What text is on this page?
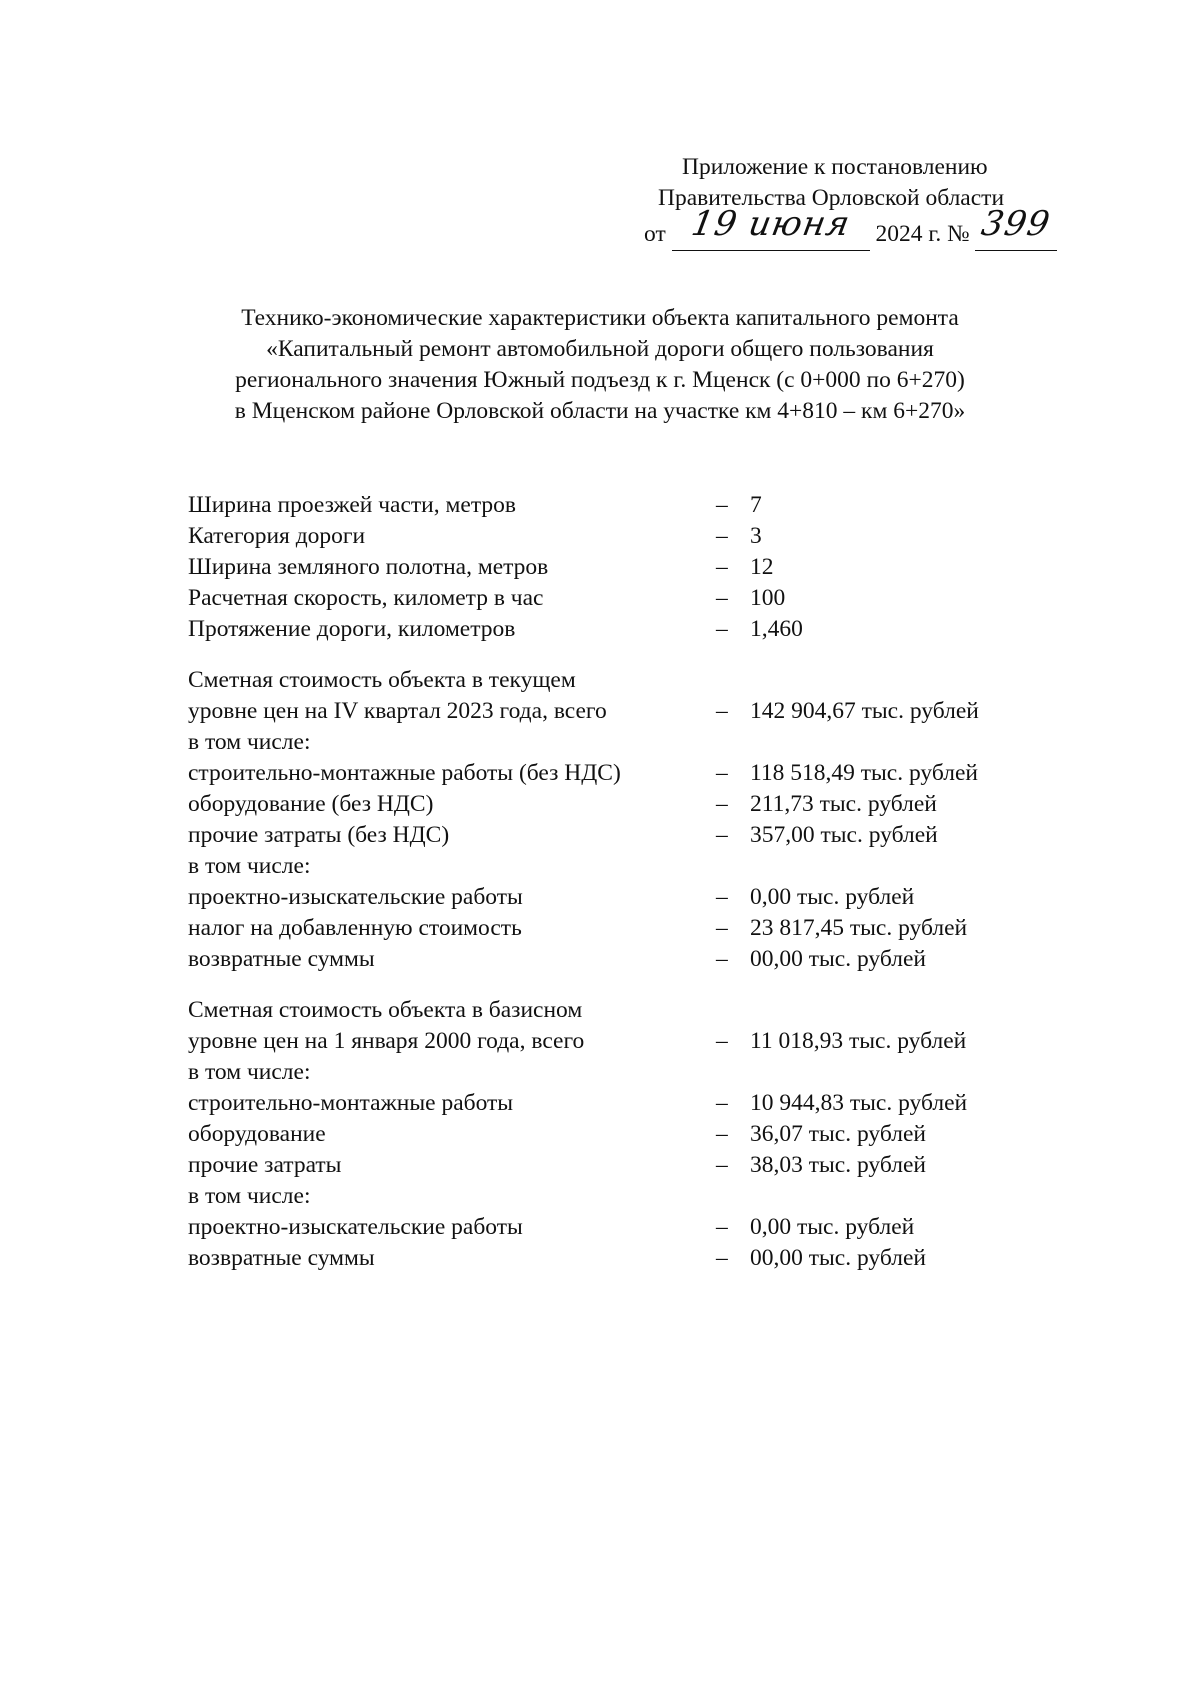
Приложение к постановлению
Правительства Орловской области
от 19 июня 2024 г. № 399
Технико-экономические характеристики объекта капитального ремонта
«Капитальный ремонт автомобильной дороги общего пользования
регионального значения Южный подъезд к г. Мценск (с 0+000 по 6+270)
в Мценском районе Орловской области на участке км 4+810 – км 6+270»
Ширина проезжей части, метров	– 7
Категория дороги	– 3
Ширина земляного полотна, метров	– 12
Расчетная скорость, километр в час	– 100
Протяжение дороги, километров	– 1,460
Сметная стоимость объекта в текущем
уровне цен на IV квартал 2023 года, всего	– 142 904,67 тыс. рублей
в том числе:
строительно-монтажные работы (без НДС)	– 118 518,49 тыс. рублей
оборудование (без НДС)	– 211,73 тыс. рублей
прочие затраты (без НДС)	– 357,00 тыс. рублей
в том числе:
проектно-изыскательские работы	– 0,00 тыс. рублей
налог на добавленную стоимость	– 23 817,45 тыс. рублей
возвратные суммы	– 00,00 тыс. рублей
Сметная стоимость объекта в базисном
уровне цен на 1 января 2000 года, всего	– 11 018,93 тыс. рублей
в том числе:
строительно-монтажные работы	– 10 944,83 тыс. рублей
оборудование	– 36,07 тыс. рублей
прочие затраты	– 38,03 тыс. рублей
в том числе:
проектно-изыскательские работы	– 0,00 тыс. рублей
возвратные суммы	– 00,00 тыс. рублей
